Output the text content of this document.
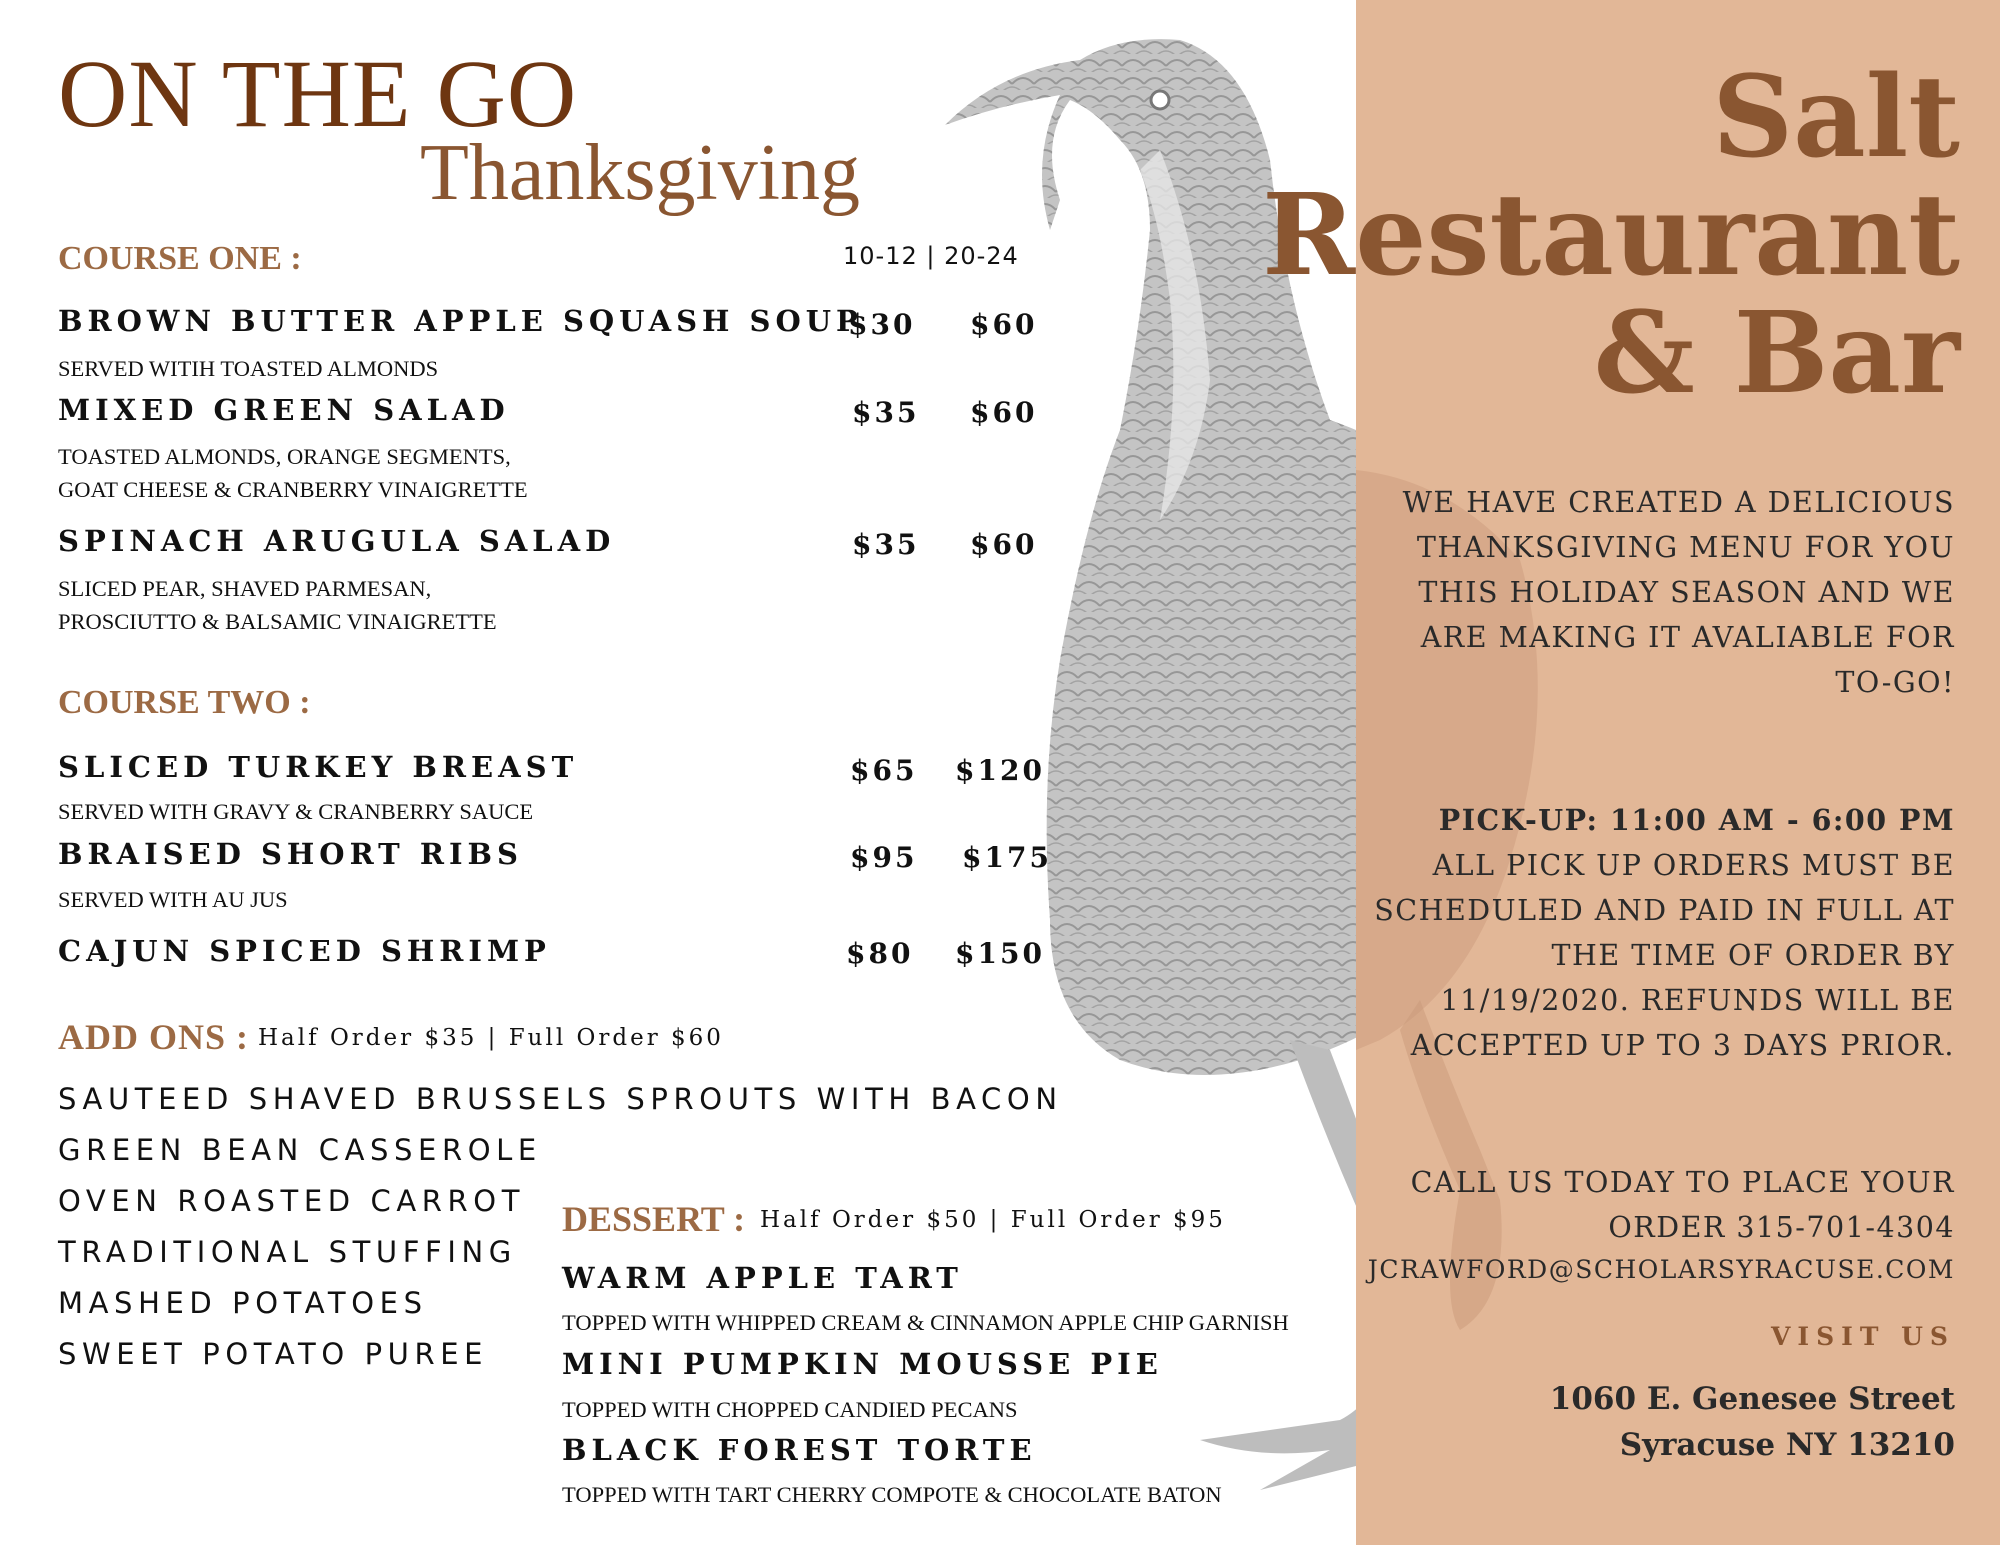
Salt
Restaurant
& Bar
ON THE GO
Thanksgiving
COURSE ONE :	10-12 | 20-24
BROWN BUTTER APPLE SQUASH SOUP
SERVED WITIH TOASTED ALMONDS
$30 $60
MIXED GREEN SALAD
TOASTED ALMONDS, ORANGE SEGMENTS,
GOAT CHEESE & CRANBERRY VINAIGRETTE
$35 $60
SPINACH ARUGULA SALAD
SLICED PEAR, SHAVED PARMESAN,
PROSCIUTTO & BALSAMIC VINAIGRETTE
$35 $60
COURSE TWO :
SLICED TURKEY BREAST
SERVED WITH GRAVY & CRANBERRY SAUCE
$65 $120
BRAISED SHORT RIBS
SERVED WITH AU JUS
$95 $175
CAJUN SPICED SHRIMP	$80 $150
ADD ONS : Half Order $35 | Full Order $60
SAUTEED SHAVED BRUSSELS SPROUTS WITH BACON
GREEN BEAN CASSEROLE
OVEN ROASTED CARROT
TRADITIONAL STUFFING
MASHED POTATOES
SWEET POTATO PUREE
DESSERT : Half Order $50 | Full Order $95
WARM APPLE TART
TOPPED WITH WHIPPED CREAM & CINNAMON APPLE CHIP GARNISH
MINI PUMPKIN MOUSSE PIE
TOPPED WITH CHOPPED CANDIED PECANS
BLACK FOREST TORTE
TOPPED WITH TART CHERRY COMPOTE & CHOCOLATE BATON
WE HAVE CREATED A DELICIOUS
THANKSGIVING MENU FOR YOU
THIS HOLIDAY SEASON AND WE
ARE MAKING IT AVALIABLE FOR
TO-GO!
PICK-UP: 11:00 AM - 6:00 PM
ALL PICK UP ORDERS MUST BE
SCHEDULED AND PAID IN FULL AT
THE TIME OF ORDER BY
11/19/2020. REFUNDS WILL BE
ACCEPTED UP TO 3 DAYS PRIOR.
CALL US TODAY TO PLACE YOUR
ORDER 315-701-4304
JCRAWFORD@SCHOLARSYRACUSE.COM
VISIT US
1060 E. Genesee Street
Syracuse NY 13210
